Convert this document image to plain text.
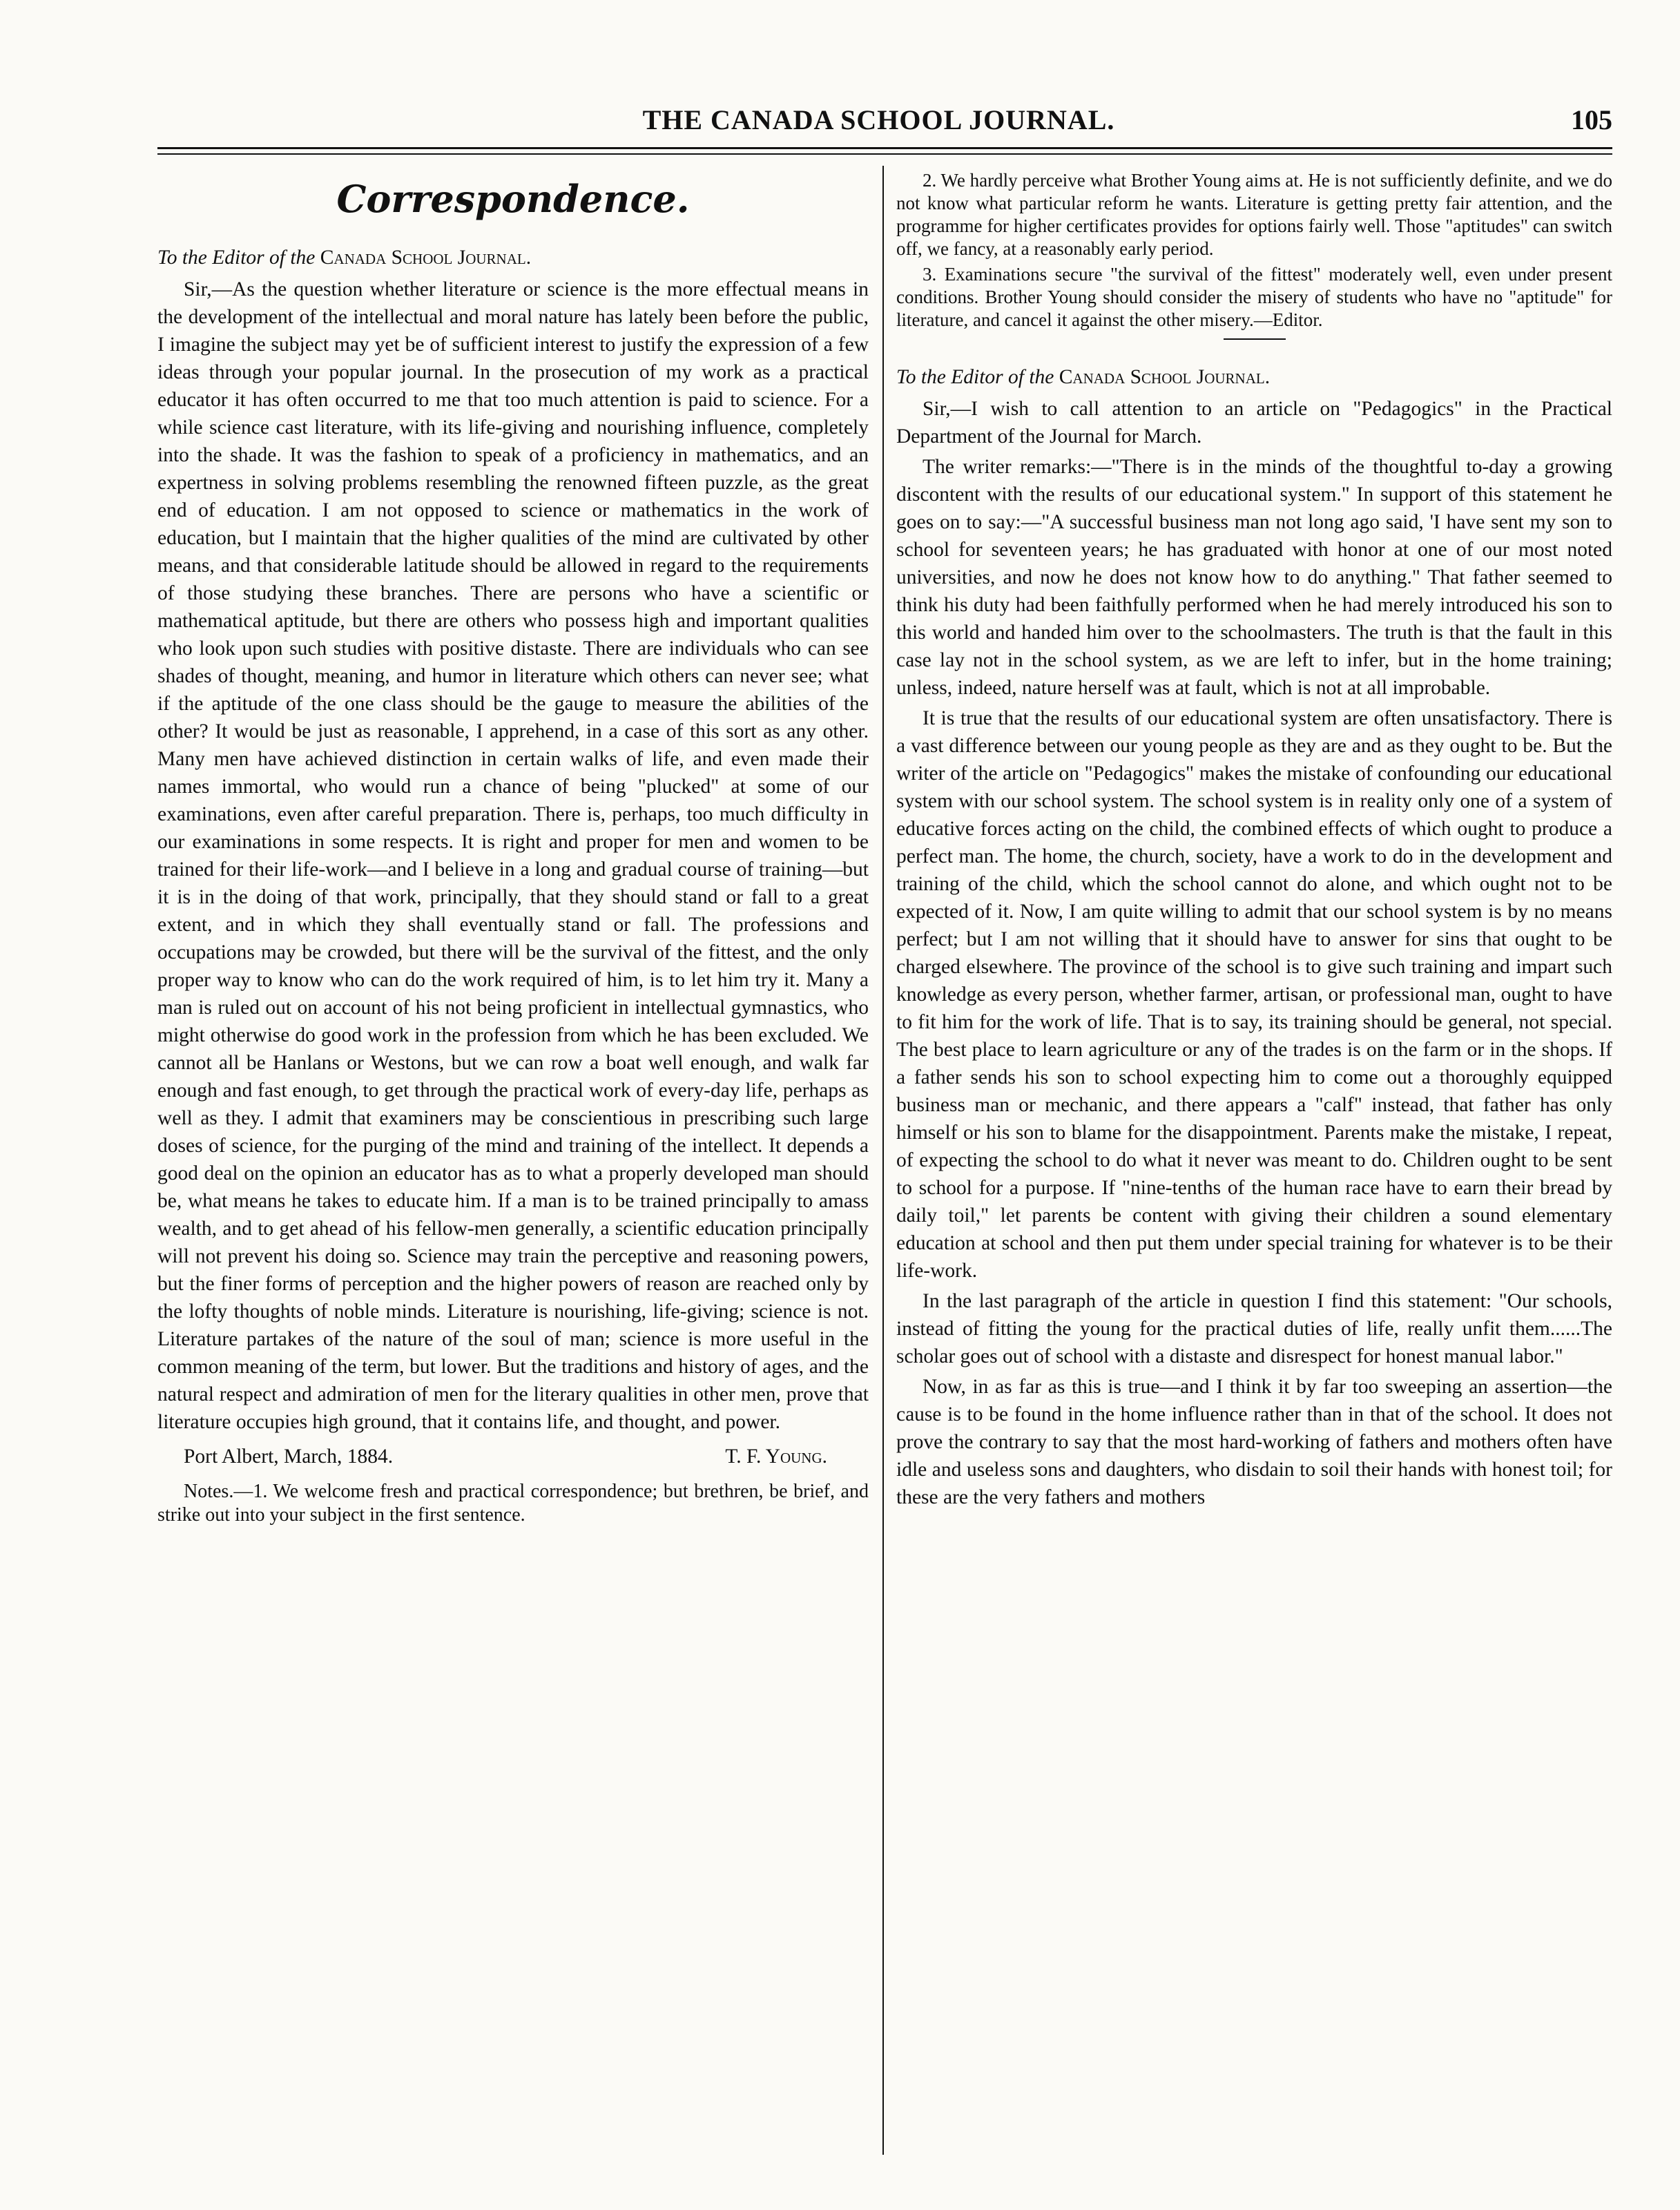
THE CANADA SCHOOL JOURNAL.	105
Correspondence.

To the Editor of the Canada School Journal.

Sir,—As the question whether literature or science is the more effectual means in the development of the intellectual and moral nature has lately been before the public, I imagine the subject may yet be of sufficient interest to justify the expression of a few ideas through your popular journal. In the prosecution of my work as a practical educator it has often occurred to me that too much attention is paid to science. For a while science cast literature, with its life-giving and nourishing influence, completely into the shade. It was the fashion to speak of a proficiency in mathematics, and an expertness in solving problems resembling the renowned fifteen puzzle, as the great end of education. I am not opposed to science or mathematics in the work of education, but I maintain that the higher qualities of the mind are cultivated by other means, and that considerable latitude should be allowed in regard to the requirements of those studying these branches. There are persons who have a scientific or mathematical aptitude, but there are others who possess high and important qualities who look upon such studies with positive distaste. There are individuals who can see shades of thought, meaning, and humor in literature which others can never see; what if the aptitude of the one class should be the gauge to measure the abilities of the other? It would be just as reasonable, I apprehend, in a case of this sort as any other. Many men have achieved distinction in certain walks of life, and even made their names immortal, who would run a chance of being "plucked" at some of our examinations, even after careful preparation. There is, perhaps, too much difficulty in our examinations in some respects. It is right and proper for men and women to be trained for their life-work—and I believe in a long and gradual course of training—but it is in the doing of that work, principally, that they should stand or fall to a great extent, and in which they shall eventually stand or fall. The professions and occupations may be crowded, but there will be the survival of the fittest, and the only proper way to know who can do the work required of him, is to let him try it. Many a man is ruled out on account of his not being proficient in intellectual gymnastics, who might otherwise do good work in the profession from which he has been excluded. We cannot all be Hanlans or Westons, but we can row a boat well enough, and walk far enough and fast enough, to get through the practical work of every-day life, perhaps as well as they. I admit that examiners may be conscientious in prescribing such large doses of science, for the purging of the mind and training of the intellect. It depends a good deal on the opinion an educator has as to what a properly developed man should be, what means he takes to educate him. If a man is to be trained principally to amass wealth, and to get ahead of his fellow-men generally, a scientific education principally will not prevent his doing so. Science may train the perceptive and reasoning powers, but the finer forms of perception and the higher powers of reason are reached only by the lofty thoughts of noble minds. Literature is nourishing, life-giving; science is not. Literature partakes of the nature of the soul of man; science is more useful in the common meaning of the term, but lower. But the traditions and history of ages, and the natural respect and admiration of men for the literary qualities in other men, prove that literature occupies high ground, that it contains life, and thought, and power.

Port Albert, March, 1884.	T. F. Young.

Notes.—1. We welcome fresh and practical correspondence; but brethren, be brief, and strike out into your subject in the first sentence.

2. We hardly perceive what Brother Young aims at. He is not sufficiently definite, and we do not know what particular reform he wants. Literature is getting pretty fair attention, and the programme for higher certificates provides for options fairly well. Those "aptitudes" can switch off, we fancy, at a reasonably early period.

3. Examinations secure "the survival of the fittest" moderately well, even under present conditions. Brother Young should consider the misery of students who have no "aptitude" for literature, and cancel it against the other misery.—Editor.

To the Editor of the Canada School Journal.

Sir,—I wish to call attention to an article on "Pedagogics" in the Practical Department of the Journal for March.

The writer remarks:—"There is in the minds of the thoughtful to-day a growing discontent with the results of our educational system." In support of this statement he goes on to say:—"A successful business man not long ago said, 'I have sent my son to school for seventeen years; he has graduated with honor at one of our most noted universities, and now he does not know how to do anything." That father seemed to think his duty had been faithfully performed when he had merely introduced his son to this world and handed him over to the schoolmasters. The truth is that the fault in this case lay not in the school system, as we are left to infer, but in the home training; unless, indeed, nature herself was at fault, which is not at all improbable.

It is true that the results of our educational system are often unsatisfactory. There is a vast difference between our young people as they are and as they ought to be. But the writer of the article on "Pedagogics" makes the mistake of confounding our educational system with our school system. The school system is in reality only one of a system of educative forces acting on the child, the combined effects of which ought to produce a perfect man. The home, the church, society, have a work to do in the development and training of the child, which the school cannot do alone, and which ought not to be expected of it. Now, I am quite willing to admit that our school system is by no means perfect; but I am not willing that it should have to answer for sins that ought to be charged elsewhere. The province of the school is to give such training and impart such knowledge as every person, whether farmer, artisan, or professional man, ought to have to fit him for the work of life. That is to say, its training should be general, not special. The best place to learn agriculture or any of the trades is on the farm or in the shops. If a father sends his son to school expecting him to come out a thoroughly equipped business man or mechanic, and there appears a "calf" instead, that father has only himself or his son to blame for the disappointment. Parents make the mistake, I repeat, of expecting the school to do what it never was meant to do. Children ought to be sent to school for a purpose. If "nine-tenths of the human race have to earn their bread by daily toil," let parents be content with giving their children a sound elementary education at school and then put them under special training for whatever is to be their life-work.

In the last paragraph of the article in question I find this statement: "Our schools, instead of fitting the young for the practical duties of life, really unfit them......The scholar goes out of school with a distaste and disrespect for honest manual labor."

Now, in as far as this is true—and I think it by far too sweeping an assertion—the cause is to be found in the home influence rather than in that of the school. It does not prove the contrary to say that the most hard-working of fathers and mothers often have idle and useless sons and daughters, who disdain to soil their hands with honest toil; for these are the very fathers and mothers
